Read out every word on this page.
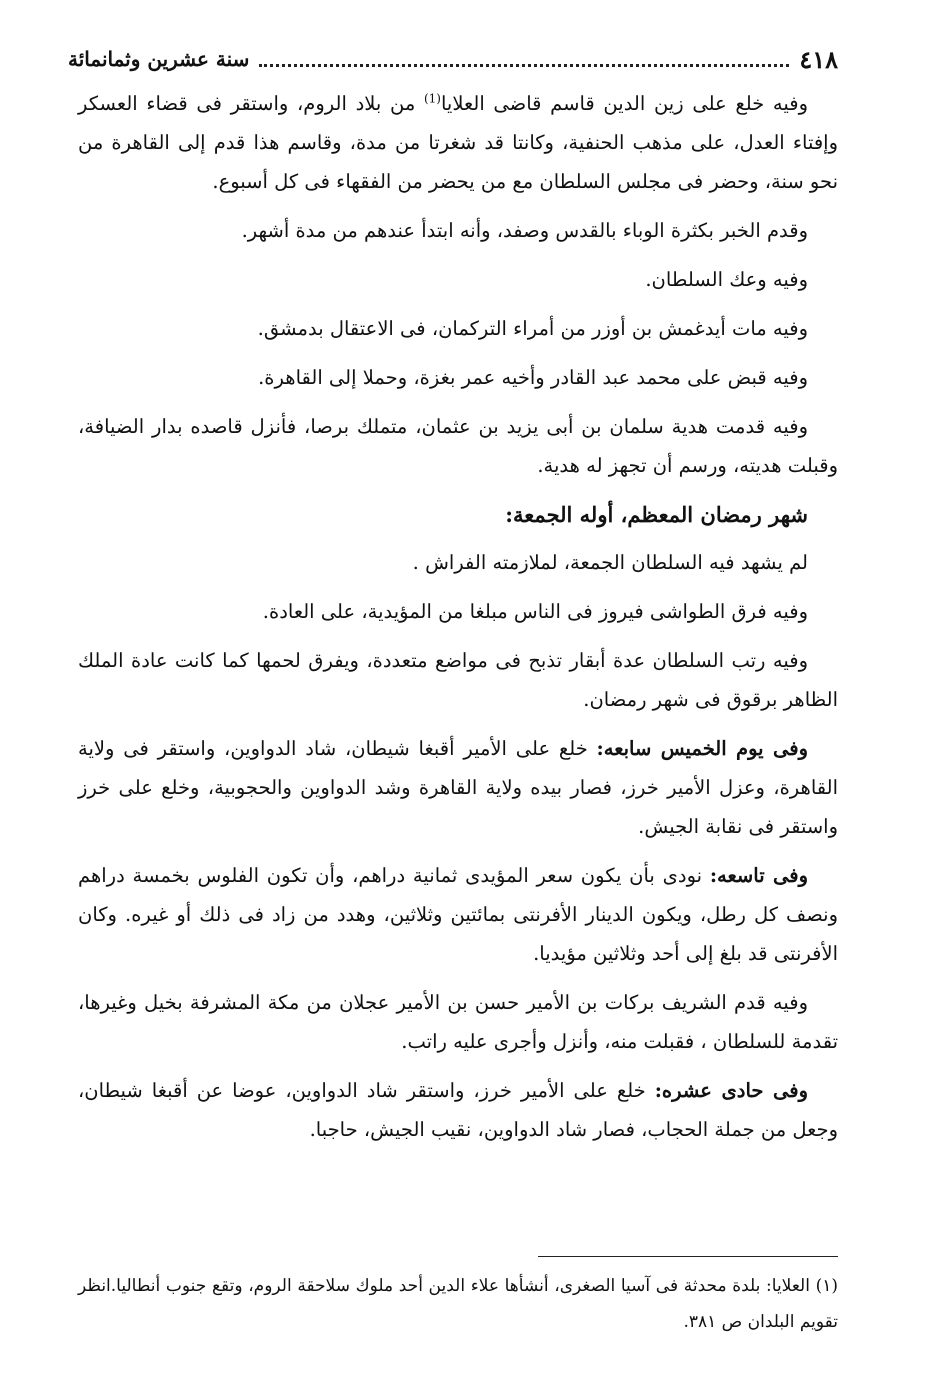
٤١٨
سنة عشرين وثمانمائة

وفيه خلع على زين الدين قاسم قاضى العلايا$^{(1)}$ من بلاد الروم، واستقر فى قضاء العسكر وإفتاء العدل، على مذهب الحنفية، وكانتا قد شغرتا من مدة، وقاسم هذا قدم إلى القاهرة من نحو سنة، وحضر فى مجلس السلطان مع من يحضر من الفقهاء فى كل أسبوع.

وقدم الخبر بكثرة الوباء بالقدس وصفد، وأنه ابتدأ عندهم من مدة أشهر.

وفيه وعك السلطان.

وفيه مات أيدغمش بن أوزر من أمراء التركمان، فى الاعتقال بدمشق.

وفيه قبض على محمد عبد القادر وأخيه عمر بغزة، وحملا إلى القاهرة.

وفيه قدمت هدية سلمان بن أبى يزيد بن عثمان، متملك برصا، فأنزل قاصده بدار الضيافة، وقبلت هديته، ورسم أن تجهز له هدية.

شهر رمضان المعظم، أوله الجمعة:

لم يشهد فيه السلطان الجمعة، لملازمته الفراش .

وفيه فرق الطواشى فيروز فى الناس مبلغا من المؤيدية، على العادة.

وفيه رتب السلطان عدة أبقار تذبح فى مواضع متعددة، ويفرق لحمها كما كانت عادة الملك الظاهر برقوق فى شهر رمضان.

وفى يوم الخميس سابعه: خلع على الأمير أقبغا شيطان، شاد الدواوين، واستقر فى ولاية القاهرة، وعزل الأمير خرز، فصار بيده ولاية القاهرة وشد الدواوين والحجوبية، وخلع على خرز واستقر فى نقابة الجيش.

وفى تاسعه: نودى بأن يكون سعر المؤيدى ثمانية دراهم، وأن تكون الفلوس بخمسة دراهم ونصف كل رطل، ويكون الدينار الأفرنتى بمائتين وثلاثين، وهدد من زاد فى ذلك أو غيره. وكان الأفرنتى قد بلغ إلى أحد وثلاثين مؤيديا.

وفيه قدم الشريف بركات بن الأمير حسن بن الأمير عجلان من مكة المشرفة بخيل وغيرها، تقدمة للسلطان ، فقبلت منه، وأنزل وأجرى عليه راتب.

وفى حادى عشره: خلع على الأمير خرز، واستقر شاد الدواوين، عوضا عن أقبغا شيطان، وجعل من جملة الحجاب، فصار شاد الدواوين، نقيب الجيش، حاجبا.

(١) العلايا: بلدة محدثة فى آسيا الصغرى، أنشأها علاء الدين أحد ملوك سلاحقة الروم، وتقع جنوب أنطاليا.انظر تقويم البلدان ص ٣٨١.
